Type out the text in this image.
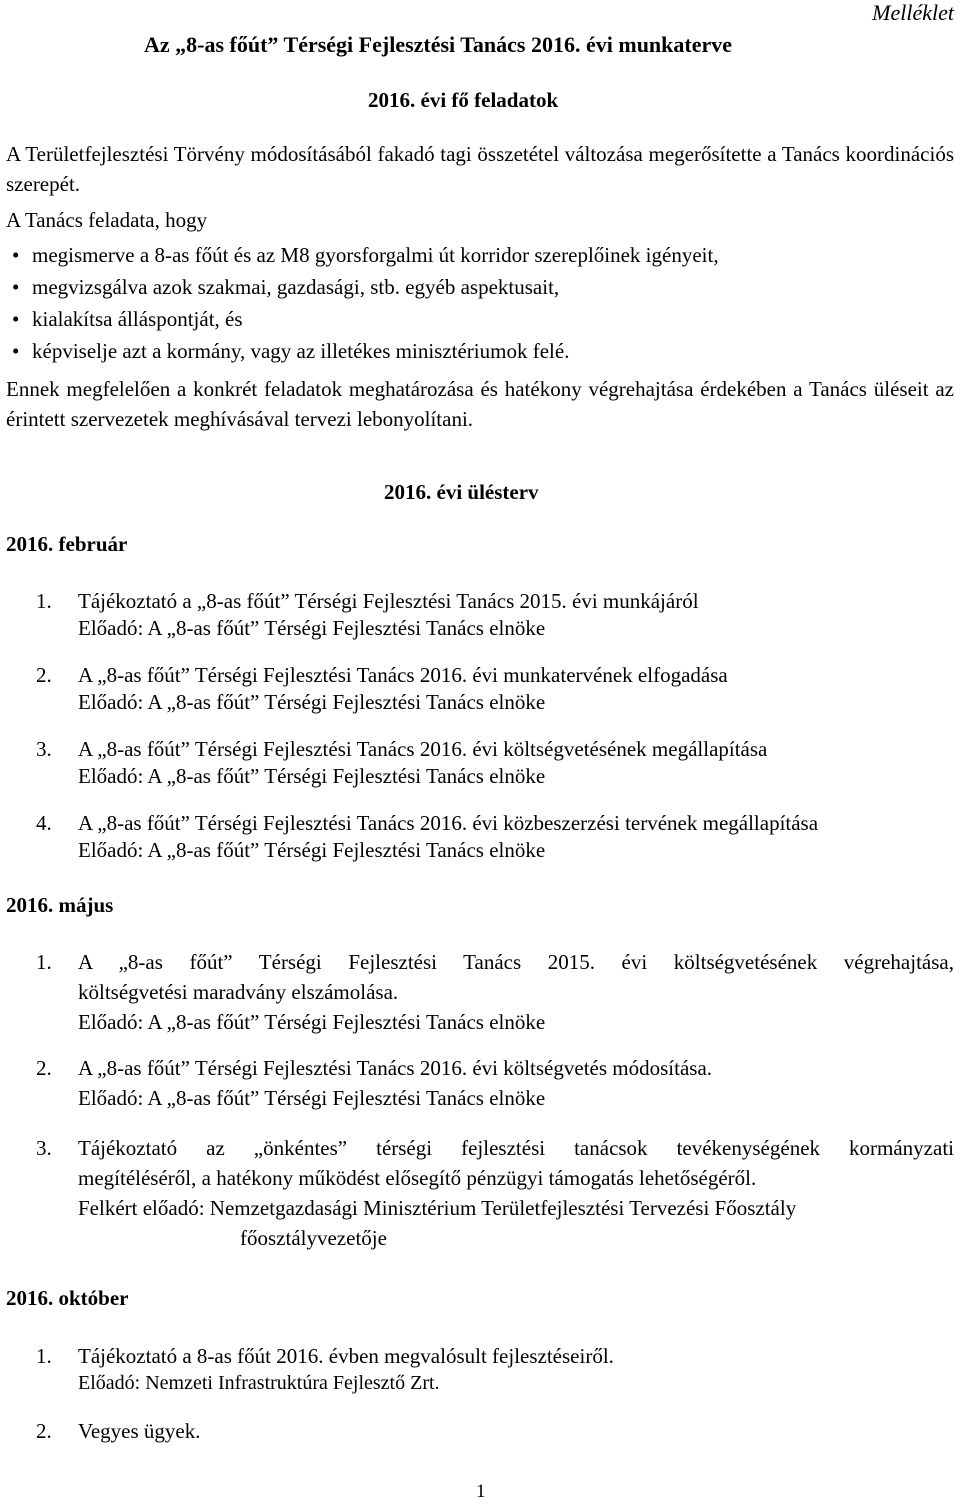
Melléklet
Az „8-as főút” Térségi Fejlesztési Tanács 2016. évi munkaterve
2016. évi fő feladatok
A Területfejlesztési Törvény módosításából fakadó tagi összetétel változása megerősítette a Tanács koordinációs szerepét.
A Tanács feladata, hogy
• megismerve a 8-as főút és az M8 gyorsforgalmi út korridor szereplőinek igényeit,
• megvizsgálva azok szakmai, gazdasági, stb. egyéb aspektusait,
• kialakítsa álláspontját, és
• képviselje azt a kormány, vagy az illetékes minisztériumok felé.
Ennek megfelelően a konkrét feladatok meghatározása és hatékony végrehajtása érdekében a Tanács üléseit az érintett szervezetek meghívásával tervezi lebonyolítani.
2016. évi ülésterv
2016. február
1. Tájékoztató a „8-as főút” Térségi Fejlesztési Tanács 2015. évi munkájáról
Előadó: A „8-as főút” Térségi Fejlesztési Tanács elnöke
2. A „8-as főút” Térségi Fejlesztési Tanács 2016. évi munkatervének elfogadása
Előadó: A „8-as főút” Térségi Fejlesztési Tanács elnöke
3. A „8-as főút” Térségi Fejlesztési Tanács 2016. évi költségvetésének megállapítása
Előadó: A „8-as főút” Térségi Fejlesztési Tanács elnöke
4. A „8-as főút” Térségi Fejlesztési Tanács 2016. évi közbeszerzési tervének megállapítása
Előadó: A „8-as főút” Térségi Fejlesztési Tanács elnöke
2016. május
1. A „8-as főút” Térségi Fejlesztési Tanács 2015. évi költségvetésének végrehajtása,
költségvetési maradvány elszámolása.
Előadó: A „8-as főút” Térségi Fejlesztési Tanács elnöke
2. A „8-as főút” Térségi Fejlesztési Tanács 2016. évi költségvetés módosítása.
Előadó: A „8-as főút” Térségi Fejlesztési Tanács elnöke
3. Tájékoztató az „önkéntes” térségi fejlesztési tanácsok tevékenységének kormányzati
megítéléséről, a hatékony működést elősegítő pénzügyi támogatás lehetőségéről.
Felkért előadó: Nemzetgazdasági Minisztérium Területfejlesztési Tervezési Főosztály
főosztályvezetője
2016. október
1. Tájékoztató a 8-as főút 2016. évben megvalósult fejlesztéseiről.
Előadó: Nemzeti Infrastruktúra Fejlesztő Zrt.
2. Vegyes ügyek.
1
